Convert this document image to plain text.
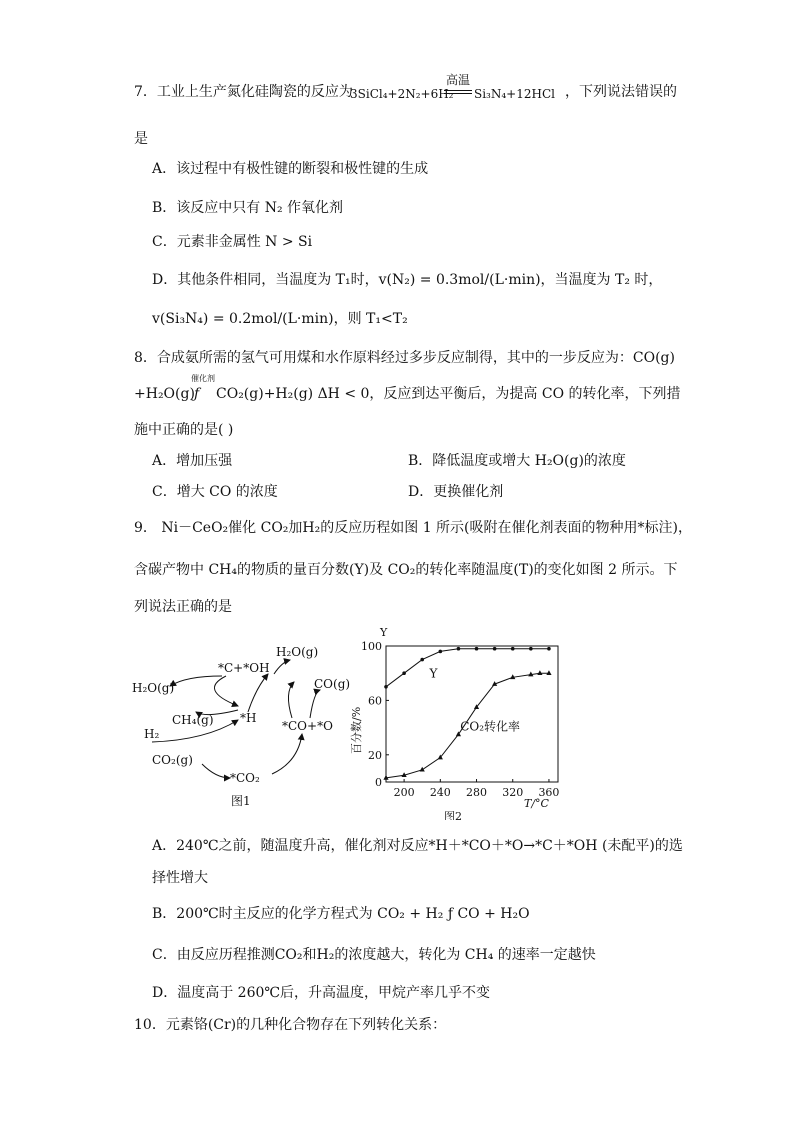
7．工业上生产氮化硅陶瓷的反应为
3SiCl₄+2N₂+6H₂
高温
Si₃N₄+12HCl ，下列说法错误的
是
A．该过程中有极性键的断裂和极性键的生成
B．该反应中只有 N₂ 作氧化剂
C．元素非金属性 N > Si
D．其他条件相同，当温度为 T₁时，v(N₂) = 0.3mol/(L·min)，当温度为 T₂ 时，
v(Si₃N₄) = 0.2mol/(L·min)，则 T₁<T₂
8．合成氨所需的氢气可用煤和水作原料经过多步反应制得，其中的一步反应为：CO(g)
+H₂O(g)
催化剂
ƒ CO₂(g)+H₂(g) ΔH < 0，反应到达平衡后，为提高 CO 的转化率，下列措
施中正确的是( )
A．增加压强	B．降低温度或增大 H₂O(g)的浓度
C．增大 CO 的浓度	D．更换催化剂
9． Ni－CeO₂催化 CO₂加H₂的反应历程如图 1 所示(吸附在催化剂表面的物种用*标注)，
含碳产物中 CH₄的物质的量百分数(Y)及 CO₂的转化率随温度(T)的变化如图 2 所示。下
列说法正确的是
*C+*OH
H₂O(g)
H₂O(g)	CO(g)
CH₄(g) *H
*CO+*O
H₂
CO₂(g)
*CO₂
图1
Y
百分数/%
T/°C
图2
200 240 280 320 360
0
20
60
100
Y
CO₂转化率
A．240℃之前，随温度升高，催化剂对反应*H＋*CO＋*O→*C＋*OH (未配平)的选
择性增大
B．200℃时主反应的化学方程式为 CO₂ + H₂ ƒ CO + H₂O
C．由反应历程推测CO₂和H₂的浓度越大，转化为 CH₄ 的速率一定越快
D．温度高于 260℃后，升高温度，甲烷产率几乎不变
10．元素铬(Cr)的几种化合物存在下列转化关系：
